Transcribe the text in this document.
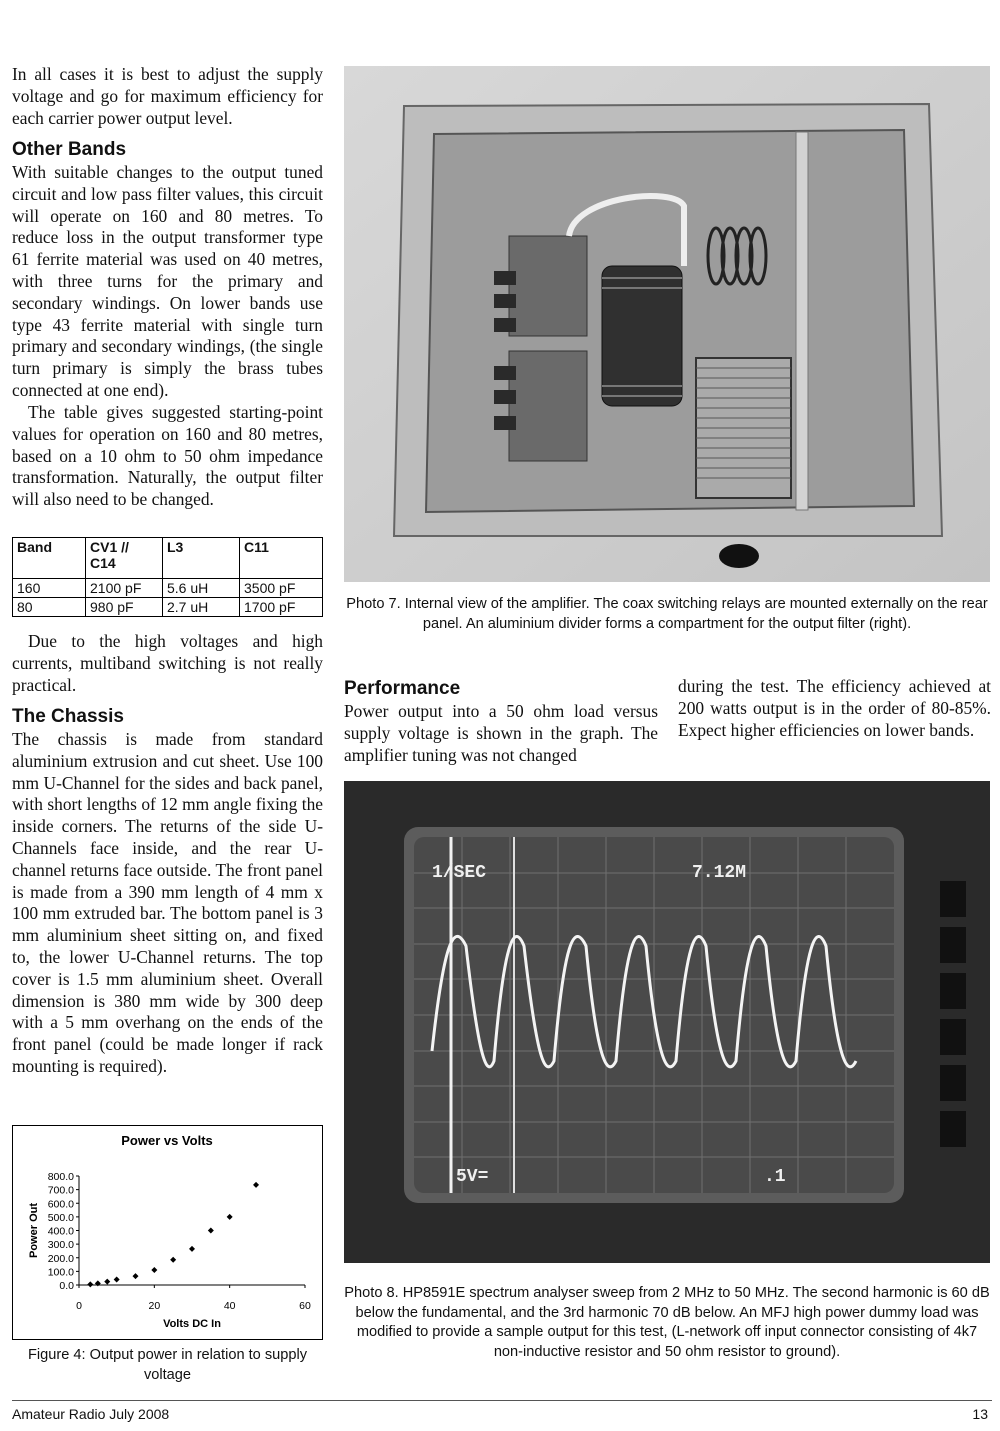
In all cases it is best to adjust the supply voltage and go for maximum efficiency for each carrier power output level.

Other Bands

With suitable changes to the output tuned circuit and low pass filter values, this circuit will operate on 160 and 80 metres. To reduce loss in the output transformer type 61 ferrite material was used on 40 metres, with three turns for the primary and secondary windings. On lower bands use type 43 ferrite material with single turn primary and secondary windings, (the single turn primary is simply the brass tubes connected at one end).

The table gives suggested starting-point values for operation on 160 and 80 metres, based on a 10 ohm to 50 ohm impedance transformation. Naturally, the output filter will also need to be changed.

Band	CV1 // C14	L3	C11
160	2100 pF	5.6 uH	3500 pF
80	980 pF	2.7 uH	1700 pF

Due to the high voltages and high currents, multiband switching is not really practical.

The Chassis

The chassis is made from standard aluminium extrusion and cut sheet. Use 100 mm U-Channel for the sides and back panel, with short lengths of 12 mm angle fixing the inside corners. The returns of the side U-Channels face inside, and the rear U-channel returns face outside. The front panel is made from a 390 mm length of 4 mm x 100 mm extruded bar. The bottom panel is 3 mm aluminium sheet sitting on, and fixed to, the lower U-Channel returns. The top cover is 1.5 mm aluminium sheet. Overall dimension is 380 mm wide by 300 deep with a 5 mm overhang on the ends of the front panel (could be made longer if rack mounting is required).

Power vs Volts
0.0
100.0
200.0
300.0
400.0
500.0
600.0
700.0
800.0
0	20	40	60
Volts DC In
Power Out
Figure 4: Output power in relation to supply voltage
Photo 7. Internal view of the amplifier. The coax switching relays are mounted externally on the rear panel. An aluminium divider forms a compartment for the output filter (right).
Performance

Power output into a 50 ohm load versus supply voltage is shown in the graph. The amplifier tuning was not changed

during the test. The efficiency achieved at 200 watts output is in the order of 80-85%. Expect higher efficiencies on lower bands.

1/SEC	7.12M
5V=	.1
Photo 8. HP8591E spectrum analyser sweep from 2 MHz to 50 MHz. The second harmonic is 60 dB below the fundamental, and the 3rd harmonic 70 dB below. An MFJ high power dummy load was modified to provide a sample output for this test, (L-network off input connector consisting of 4k7 non-inductive resistor and 50 ohm resistor to ground).
Amateur Radio July 2008	13
